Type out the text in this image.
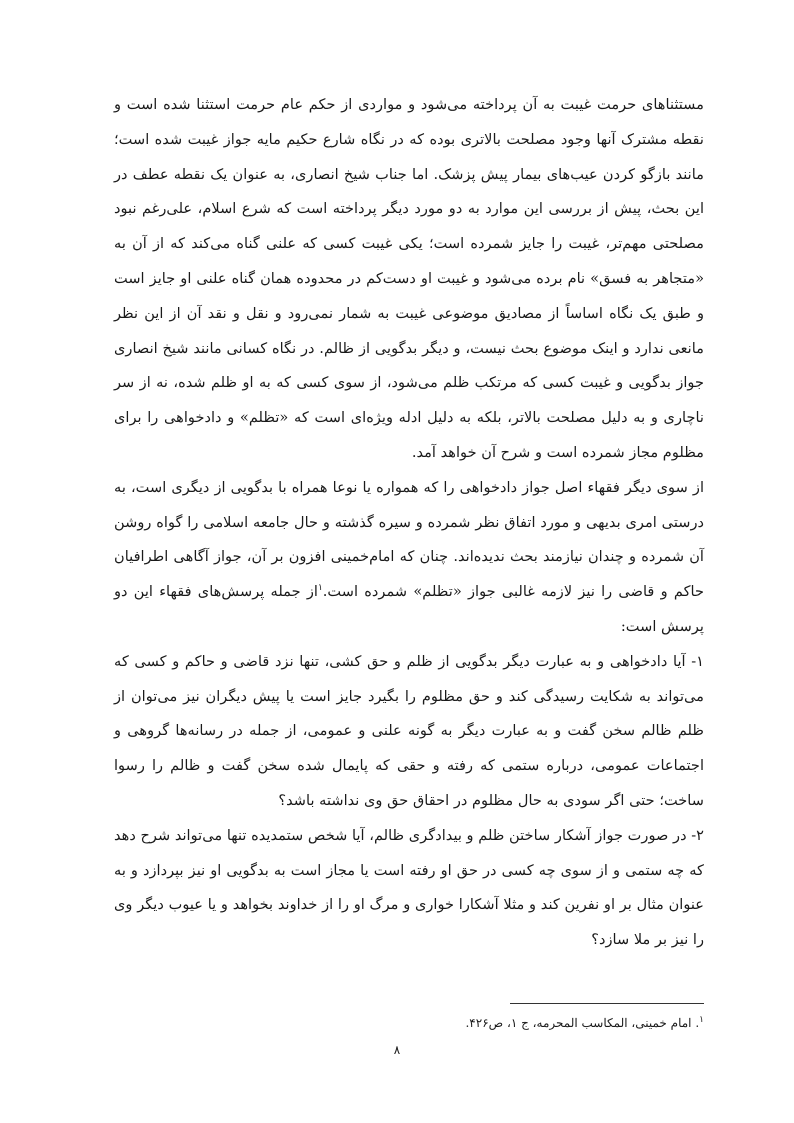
مستثناهای حرمت غیبت به آن پرداخته می‌شود و مواردی از حکم عام حرمت استثنا شده است و نقطه مشترک آنها وجود مصلحت بالاتری بوده که در نگاه شارع حکیم مایه جواز غیبت شده است؛ مانند بازگو کردن عیب‌های بیمار پیش پزشک. اما جناب شیخ انصاری، به عنوان یک نقطه عطف در این بحث، پیش از بررسی این موارد به دو مورد دیگر پرداخته است که شرع اسلام، علی‌رغم نبود مصلحتی مهم‌تر، غیبت را جایز شمرده است؛ یکی غیبت کسی که علنی گناه می‌کند که از آن به «متجاهر به فسق» نام برده می‌شود و غیبت او دست‌کم در محدوده همان گناه علنی او جایز است و طبق یک نگاه اساساً از مصادیق موضوعی غیبت به شمار نمی‌رود و نقل و نقد آن از این نظر مانعی ندارد و اینک موضوع بحث نیست، و دیگر بدگویی از ظالم. در نگاه کسانی مانند شیخ انصاری جواز بدگویی و غیبت کسی که مرتکب ظلم می‌شود، از سوی کسی که به او ظلم شده، نه از سر ناچاری و به دلیل مصلحت بالاتر، بلکه به دلیل ادله ویژه‌ای است که «تظلم» و دادخواهی را برای مظلوم مجاز شمرده است و شرح آن خواهد آمد.

از سوی دیگر فقهاء اصل جواز دادخواهی را که همواره یا نوعا همراه با بدگویی از دیگری است، به درستی امری بدیهی و مورد اتفاق نظر شمرده و سیره گذشته و حال جامعه اسلامی را گواه روشن آن شمرده و چندان نیازمند بحث ندیده‌اند. چنان که امام‌خمینی افزون بر آن، جواز آگاهی اطرافیان حاکم و قاضی را نیز لازمه غالبی جواز «تظلم» شمرده است.$^۱$از جمله پرسش‌های فقهاء این دو پرسش است:

۱- آیا دادخواهی و به عبارت دیگر بدگویی از ظلم و حق کشی، تنها نزد قاضی و حاکم و کسی که می‌تواند به شکایت رسیدگی کند و حق مظلوم را بگیرد جایز است یا پیش دیگران نیز می‌توان از ظلم ظالم سخن گفت و به عبارت دیگر به گونه علنی و عمومی، از جمله در رسانه‌ها گروهی و اجتماعات عمومی، درباره ستمی که رفته و حقی که پایمال شده سخن گفت و ظالم را رسوا ساخت؛ حتی اگر سودی به حال مظلوم در احقاق حق وی نداشته باشد؟

۲- در صورت جواز آشکار ساختن ظلم و بیدادگری ظالم، آیا شخص ستمدیده تنها می‌تواند شرح دهد که چه ستمی و از سوی چه کسی در حق او رفته است یا مجاز است به بدگویی او نیز بپردازد و به عنوان مثال بر او نفرین کند و مثلا آشکارا خواری و مرگ او را از خداوند بخواهد و یا عیوب دیگر وی را نیز بر ملا سازد؟

$^۱$. امام خمینی، المکاسب المحرمه، ج ۱، ص۴۲۶.
۸
